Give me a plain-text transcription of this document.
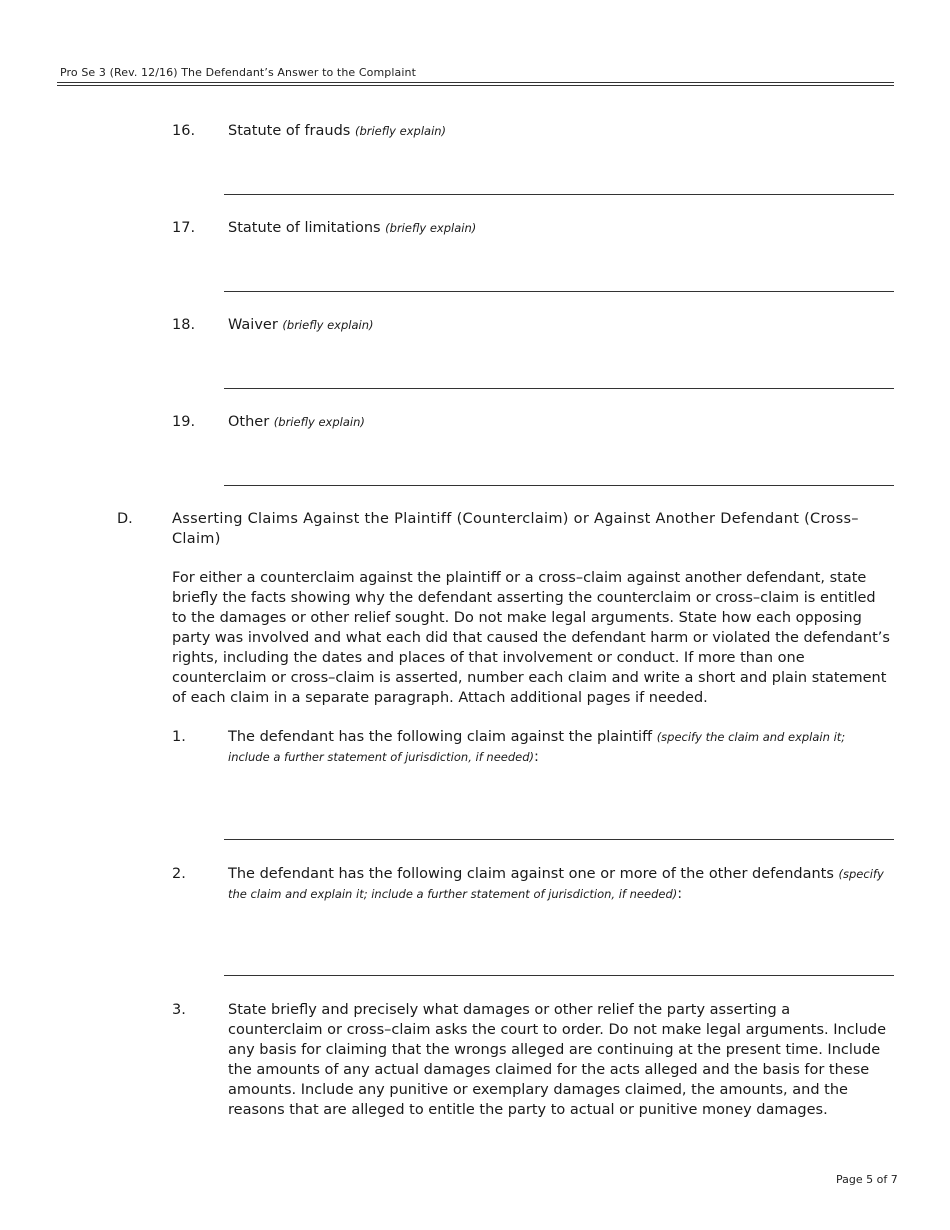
Pro Se 3 (Rev. 12/16) The Defendant’s Answer to the Complaint
16. Statute of frauds (briefly explain)
17. Statute of limitations (briefly explain)
18. Waiver (briefly explain)
19. Other (briefly explain)
D.	Asserting Claims Against the Plaintiff (Counterclaim) or Against Another Defendant (Cross–Claim)

For either a counterclaim against the plaintiff or a cross–claim against another defendant, state briefly the facts showing why the defendant asserting the counterclaim or cross–claim is entitled to the damages or other relief sought. Do not make legal arguments. State how each opposing party was involved and what each did that caused the defendant harm or violated the defendant’s rights, including the dates and places of that involvement or conduct. If more than one counterclaim or cross–claim is asserted, number each claim and write a short and plain statement of each claim in a separate paragraph. Attach additional pages if needed.

1.	The defendant has the following claim against the plaintiff (specify the claim and explain it; include a further statement of jurisdiction, if needed):

2.	The defendant has the following claim against one or more of the other defendants (specify the claim and explain it; include a further statement of jurisdiction, if needed):

3.	State briefly and precisely what damages or other relief the party asserting a counterclaim or cross–claim asks the court to order. Do not make legal arguments. Include any basis for claiming that the wrongs alleged are continuing at the present time. Include the amounts of any actual damages claimed for the acts alleged and the basis for these amounts. Include any punitive or exemplary damages claimed, the amounts, and the reasons that are alleged to entitle the party to actual or punitive money damages.

Page 5 of 7
